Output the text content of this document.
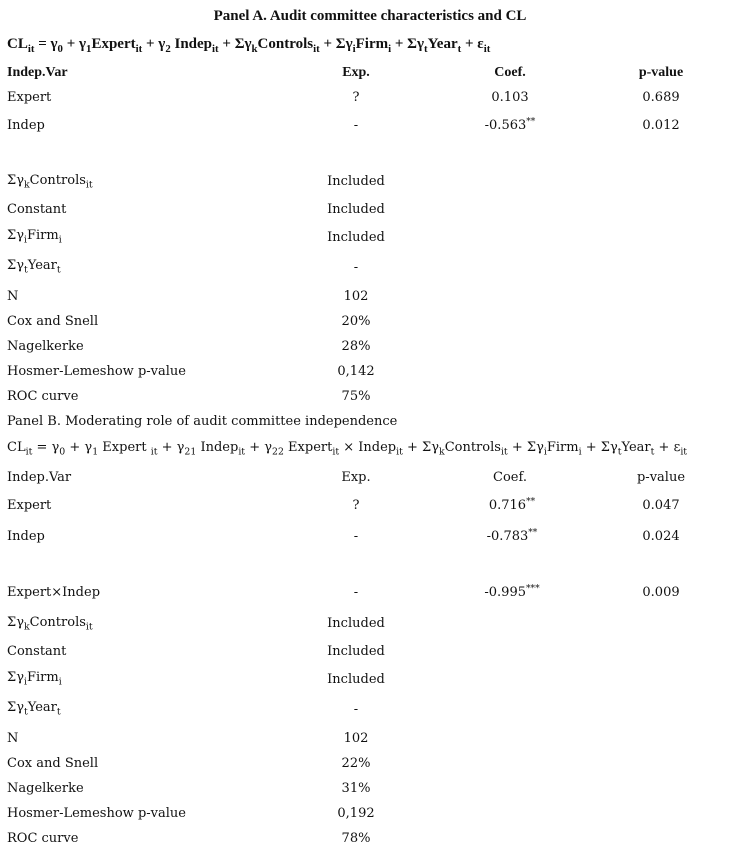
Panel A. Audit committee characteristics and CL
$CL_{it} = \gamma_0$ + $\gamma_1Expert_{it} + \gamma_2$ Indep$_{it}$ + $\Sigma\gamma_kControls_{it}$ + $\Sigma\gamma_iFirm_i$ + $\Sigma\gamma_tYear_t + \varepsilon_{it}$
Indep.Var	Exp.	Coef.	p-value
Expert	?	0.103	0.689
Indep	-	-0.563**	0.012
$\Sigma\gamma_kControls_{it}$	Included
Constant	Included
$\Sigma\gamma_iFirm_i$	Included
$\Sigma\gamma_tYear_t$	-
N	102
Cox and Snell	20%
Nagelkerke	28%
Hosmer-Lemeshow p-value	0,142
ROC curve	75%
Panel B. Moderating role of audit committee independence
$CL_{it} = \gamma_0 + \gamma_1$ Expert $_{it} + \gamma_{21}$ Indep$_{it}$ + $\gamma_{22}$ Expert$_{it}$ × Indep$_{it}$ + $\Sigma\gamma_kControls_{it}$ + $\Sigma\gamma_iFirm_i$ + $\Sigma\gamma_tYear_t + \varepsilon_{it}$
Indep.Var	Exp.	Coef.	p-value
Expert	?	0.716**	0.047
Indep	-	-0.783**	0.024
Expert×Indep	-	-0.995***	0.009
$\Sigma\gamma_kControls_{it}$	Included
Constant	Included
$\Sigma\gamma_iFirm_i$	Included
$\Sigma\gamma_tYear_t$	-
N	102
Cox and Snell	22%
Nagelkerke	31%
Hosmer-Lemeshow p-value	0,192
ROC curve	78%
